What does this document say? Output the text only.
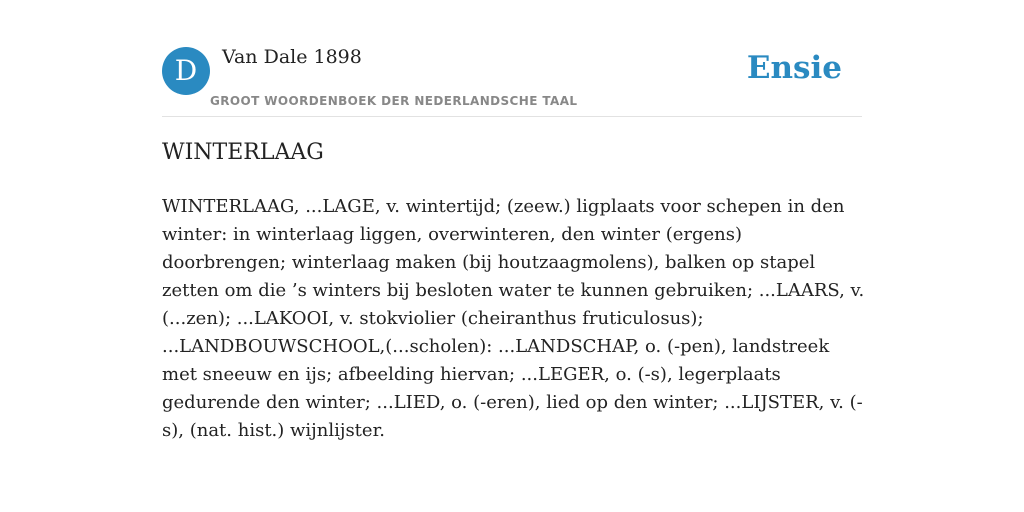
D	Van Dale 1898
GROOT WOORDENBOEK DER NEDERLANDSCHE TAAL
Ensie
WINTERLAAG

WINTERLAAG, ...LAGE, v. wintertijd; (zeew.) ligplaats voor schepen in den winter: in winterlaag liggen, overwinteren, den winter (ergens) doorbrengen; winterlaag maken (bij houtzaagmolens), balken op stapel zetten om die ’s winters bij besloten water te kunnen gebruiken; ...LAARS, v. (...zen); ...LAKOOI, v. stokviolier (cheiranthus fruticulosus); ...LANDBOUWSCHOOL,(...scholen): ...LANDSCHAP, o. (-pen), landstreek met sneeuw en ijs; afbeelding hiervan; ...LEGER, o. (-s), legerplaats gedurende den winter; ...LIED, o. (-eren), lied op den winter; ...LIJSTER, v. (-s), (nat. hist.) wijnlijster.
